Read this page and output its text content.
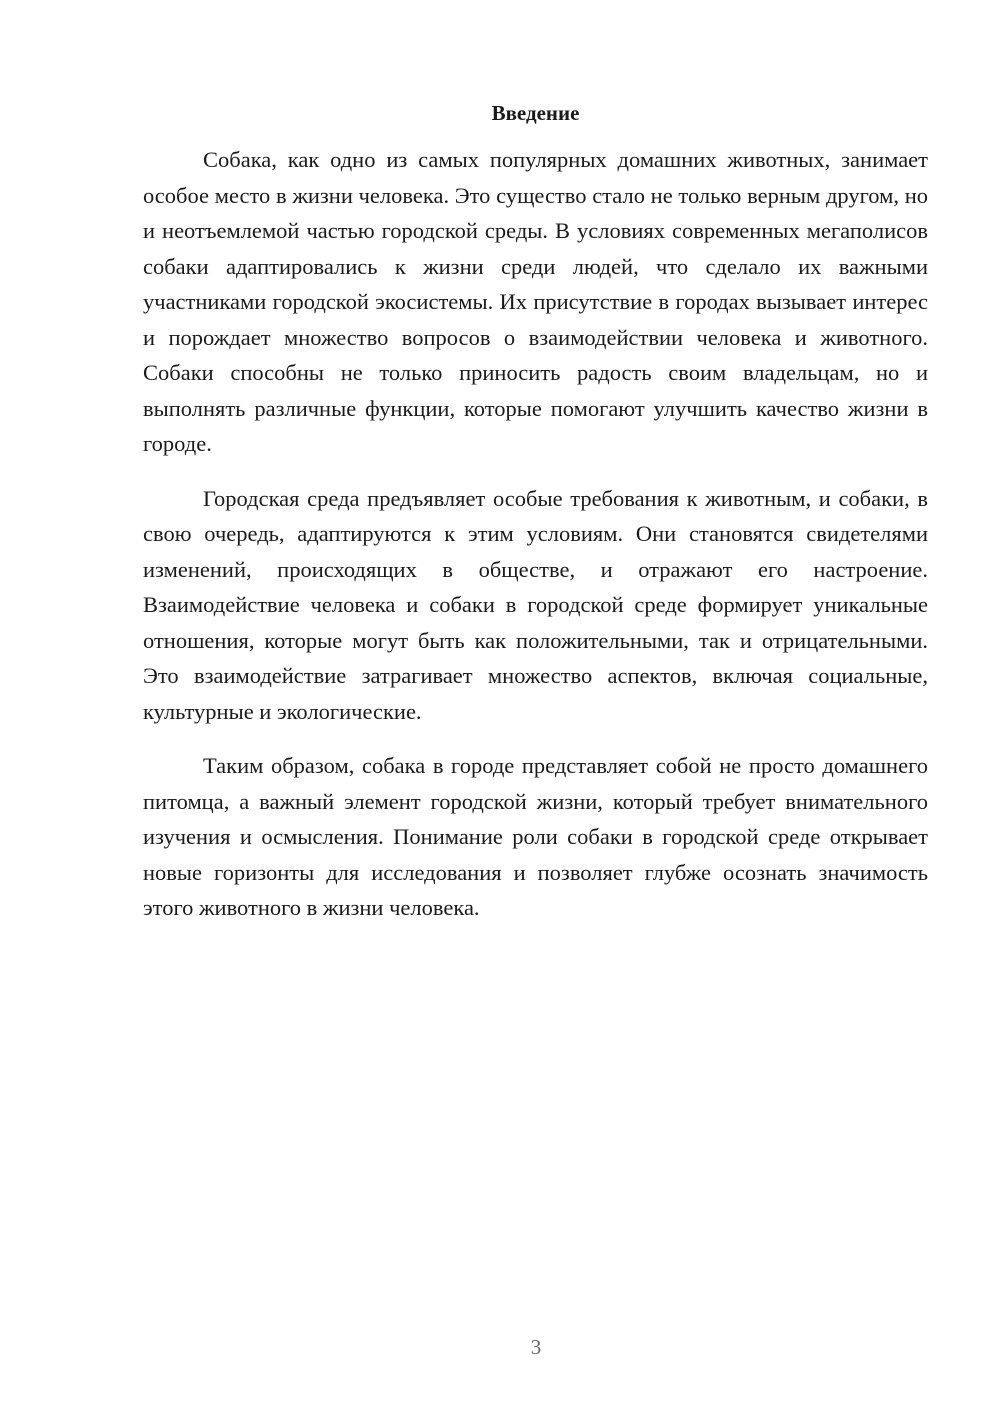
Введение

Собака, как одно из самых популярных домашних животных, занимает особое место в жизни человека. Это существо стало не только верным другом, но и неотъемлемой частью городской среды. В условиях современных мегаполисов собаки адаптировались к жизни среди людей, что сделало их важными участниками городской экосистемы. Их присутствие в городах вызывает интерес и порождает множество вопросов о взаимодействии человека и животного. Собаки способны не только приносить радость своим владельцам, но и выполнять различные функции, которые помогают улучшить качество жизни в городе.

Городская среда предъявляет особые требования к животным, и собаки, в свою очередь, адаптируются к этим условиям. Они становятся свидетелями изменений, происходящих в обществе, и отражают его настроение. Взаимодействие человека и собаки в городской среде формирует уникальные отношения, которые могут быть как положительными, так и отрицательными. Это взаимодействие затрагивает множество аспектов, включая социальные, культурные и экологические.

Таким образом, собака в городе представляет собой не просто домашнего питомца, а важный элемент городской жизни, который требует внимательного изучения и осмысления. Понимание роли собаки в городской среде открывает новые горизонты для исследования и позволяет глубже осознать значимость этого животного в жизни человека.

3
